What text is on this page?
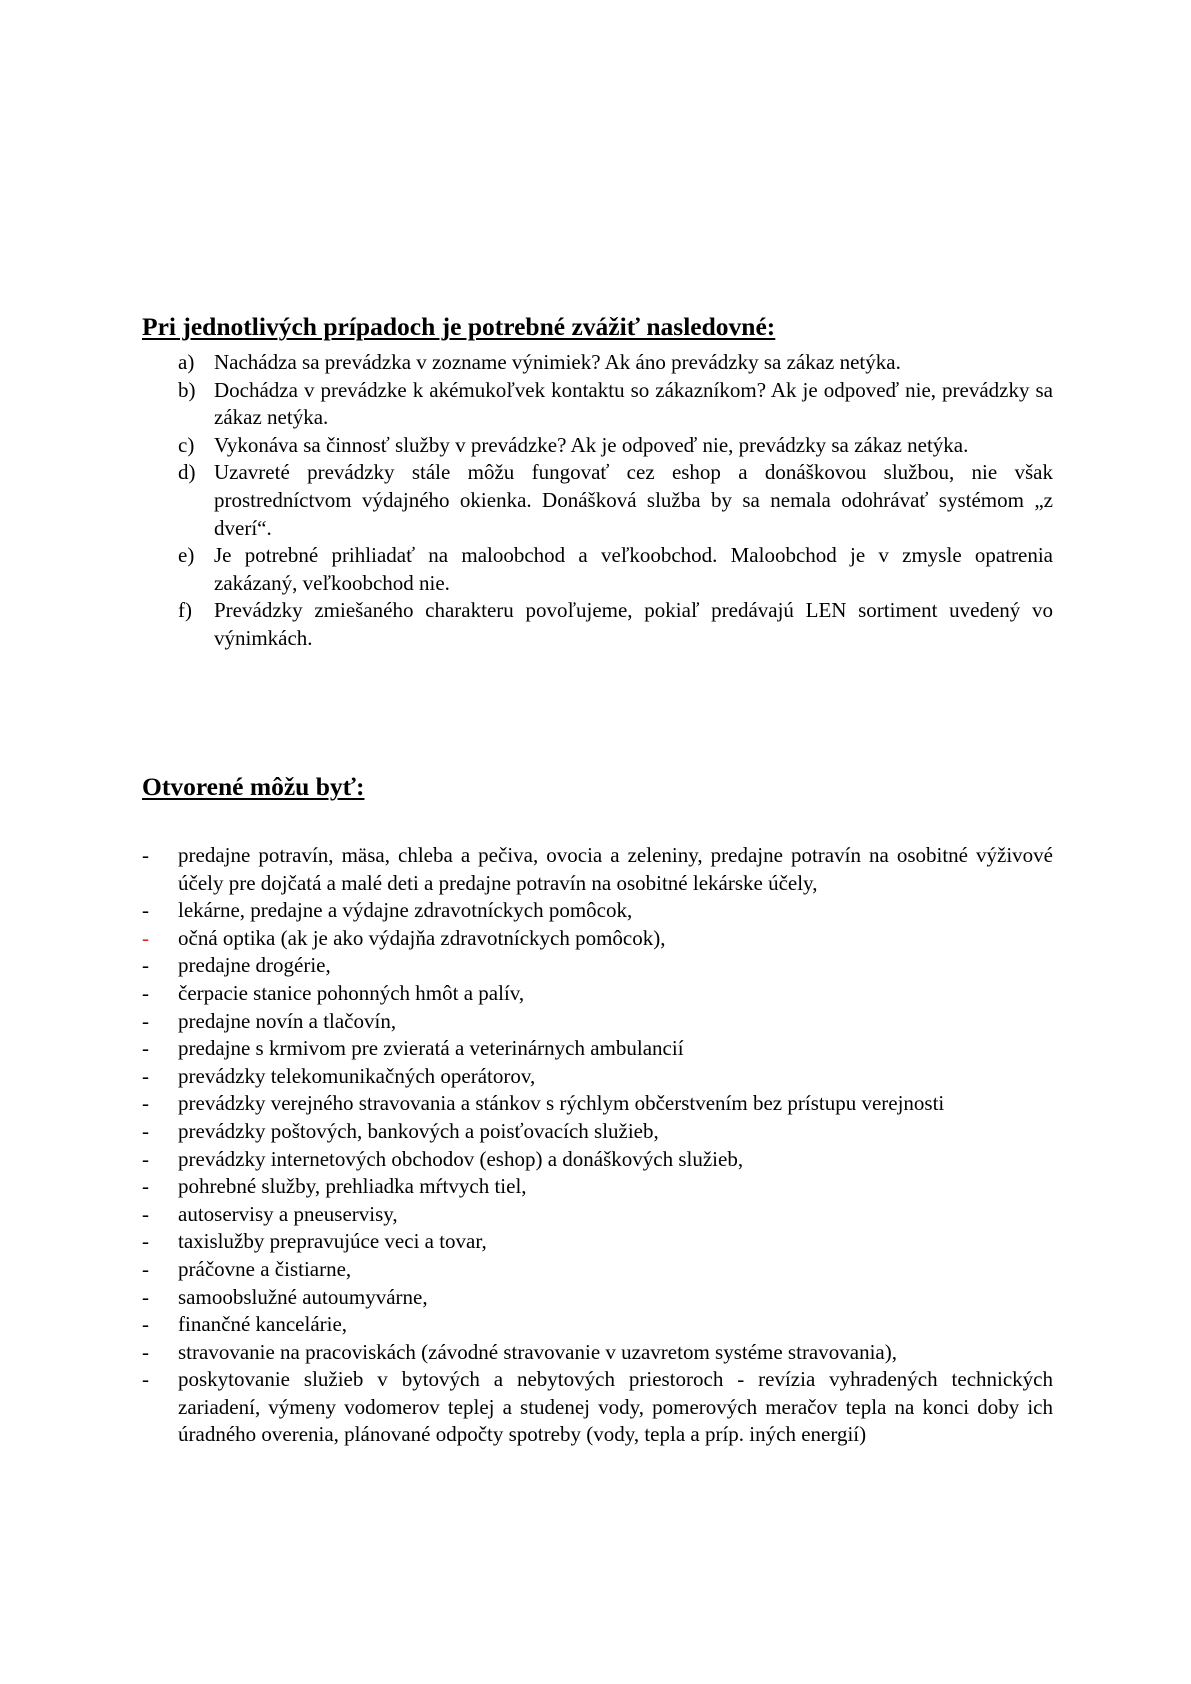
Pri jednotlivých prípadoch je potrebné zvážiť nasledovné:
a) Nachádza sa prevádzka v zozname výnimiek? Ak áno prevádzky sa zákaz netýka.
b) Dochádza v prevádzke k akémukoľvek kontaktu so zákazníkom? Ak je odpoveď nie, prevádzky sa zákaz netýka.
c) Vykonáva sa činnosť služby v prevádzke? Ak je odpoveď nie, prevádzky sa zákaz netýka.
d) Uzavreté prevádzky stále môžu fungovať cez eshop a donáškovou službou, nie však prostredníctvom výdajného okienka. Donášková služba by sa nemala odohrávať systémom „z dverí“.
e) Je potrebné prihliadať na maloobchod a veľkoobchod. Maloobchod je v zmysle opatrenia zakázaný, veľkoobchod nie.
f) Prevádzky zmiešaného charakteru povoľujeme, pokiaľ predávajú LEN sortiment uvedený vo výnimkách.
Otvorené môžu byť:
- predajne potravín, mäsa, chleba a pečiva, ovocia a zeleniny, predajne potravín na osobitné výživové účely pre dojčatá a malé deti a predajne potravín na osobitné lekárske účely,
- lekárne, predajne a výdajne zdravotníckych pomôcok,
- očná optika (ak je ako výdajňa zdravotníckych pomôcok),
- predajne drogérie,
- čerpacie stanice pohonných hmôt a palív,
- predajne novín a tlačovín,
- predajne s krmivom pre zvieratá a veterinárnych ambulancií
- prevádzky telekomunikačných operátorov,
- prevádzky verejného stravovania a stánkov s rýchlym občerstvením bez prístupu verejnosti
- prevádzky poštových, bankových a poisťovacích služieb,
- prevádzky internetových obchodov (eshop) a donáškových služieb,
- pohrebné služby, prehliadka mŕtvych tiel,
- autoservisy a pneuservisy,
- taxislužby prepravujúce veci a tovar,
- práčovne a čistiarne,
- samoobslužné autoumyvárne,
- finančné kancelárie,
- stravovanie na pracoviskách (závodné stravovanie v uzavretom systéme stravovania),
- poskytovanie služieb v bytových a nebytových priestoroch - revízia vyhradených technických zariadení, výmeny vodomerov teplej a studenej vody, pomerových meračov tepla na konci doby ich úradného overenia, plánované odpočty spotreby (vody, tepla a príp. iných energií)
